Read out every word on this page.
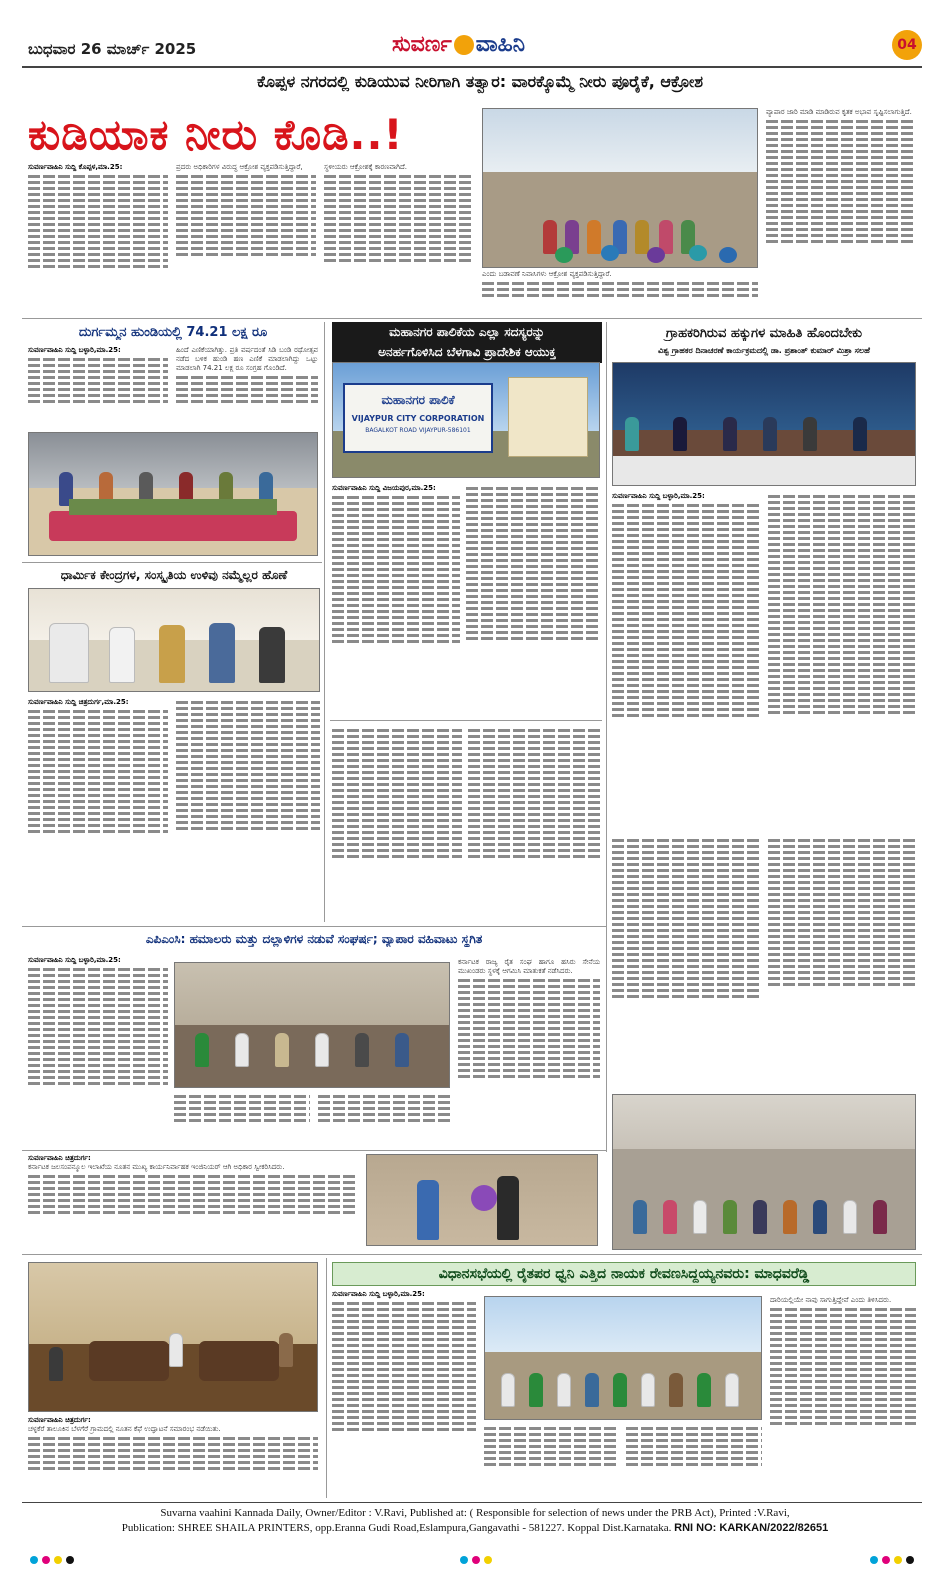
ಬುಧವಾರ 26 ಮಾರ್ಚ್ 2025	ಸುವರ್ಣ ವಾಹಿನಿ	04
ಕೊಪ್ಪಳ ನಗರದಲ್ಲಿ ಕುಡಿಯುವ ನೀರಿಗಾಗಿ ತತ್ವಾರ: ವಾರಕ್ಕೊಮ್ಮೆ ನೀರು ಪೂರೈಕೆ, ಆಕ್ರೋಶ
ಕುಡಿಯಾಕ ನೀರು ಕೊಡಿ..!
ಸುವರ್ಣವಾಹಿನಿ ಸುದ್ದಿ ಕೊಪ್ಪಳ,ಮಾ.25:	ಪ್ರದರು ಅಧಿಕಾರಿಗಳ ವಿರುದ್ಧ ಆಕ್ರೋಶ ವ್ಯಕ್ತಪಡಿಸುತ್ತಿದ್ದಾರೆ,	ಸ್ಥಳೀಯರು ಆಕ್ರೋಶಕ್ಕೆ ಕಾರಣವಾಗಿದೆ.
ಎಂದು ಬಡಾವಣೆ ನಿವಾಸಿಗಳು ಆಕ್ರೋಶ ವ್ಯಕ್ತಪಡಿಸುತ್ತಿದ್ದಾರೆ.
ವ್ಯಾಪಾರ ಜಾರಿ ಮಾಡಿ ಮಾಡಿರುವ ಕೃತಕ ಅಭಾವ ಸೃಷ್ಟಿಸಲಾಗುತ್ತಿದೆ.
ದುರ್ಗಮ್ಮನ ಹುಂಡಿಯಲ್ಲಿ 74.21 ಲಕ್ಷ ರೂ
ಸುವರ್ಣವಾಹಿನಿ ಸುದ್ದಿ ಬಳ್ಳಾರಿ,ಮಾ.25:	ಹಿಂದೆ ಎಣಿಕೆಯಾಗಿತ್ತು. ಪ್ರತಿ ವರ್ಷದಂತೆ ಸಿಡಿ ಬಂಡಿ ರಥೋತ್ಸವ ನಡೆದ ಬಳಿಕ ಹುಂಡಿ ಹಣ ಎಣಿಕೆ ಮಾಡಲಾಗಿದ್ದು ಒಟ್ಟು ಮಾಡಲಾಗಿ 74.21 ಲಕ್ಷ ರೂ ಸಂಗ್ರಹ ಗೊಂಡಿದೆ.
ಧಾರ್ಮಿಕ ಕೇಂದ್ರಗಳ, ಸಂಸ್ಕೃತಿಯ ಉಳಿವು ನಮ್ಮೆಲ್ಲರ ಹೊಣೆ
ಸುವರ್ಣವಾಹಿನಿ ಸುದ್ದಿ ಚಿತ್ರದುರ್ಗ,ಮಾ.25:
ಮಹಾನಗರ ಪಾಲಿಕೆಯ ಎಲ್ಲಾ ಸದಸ್ಯರನ್ನು
ಅನರ್ಹಗೊಳಿಸಿದ ಬೆಳಗಾವಿ ಪ್ರಾದೇಶಿಕ ಆಯುಕ್ತ
ಮಹಾನಗರ ಪಾಲಿಕೆ
VIJAYPUR CITY CORPORATION
BAGALKOT ROAD VIJAYPUR-586101
ಸುವರ್ಣವಾಹಿನಿ ಸುದ್ದಿ ವಿಜಯಪುರ,ಮಾ.25:
ಗ್ರಾಹಕರಿಗಿರುವ ಹಕ್ಕುಗಳ ಮಾಹಿತಿ ಹೊಂದಬೇಕು
ವಿಶ್ವ ಗ್ರಾಹಕರ ದಿನಾಚರಣೆ ಕಾರ್ಯಕ್ರಮದಲ್ಲಿ ಡಾ. ಪ್ರಶಾಂತ್ ಕುಮಾರ್ ಮಿಶ್ರಾ ಸಲಹೆ
ಸುವರ್ಣವಾಹಿನಿ ಸುದ್ದಿ ಬಳ್ಳಾರಿ,ಮಾ.25:
ಎಪಿಎಂಸಿ: ಹಮಾಲರು ಮತ್ತು ದಲ್ಲಾಳಿಗಳ ನಡುವೆ ಸಂಘರ್ಷ; ವ್ಯಾಪಾರ ವಹಿವಾಟು ಸ್ಥಗಿತ
ಸುವರ್ಣವಾಹಿನಿ ಸುದ್ದಿ ಬಳ್ಳಾರಿ,ಮಾ.25:	ಕರ್ನಾಟಕ ರಾಜ್ಯ ರೈತ ಸಂಘ ಹಾಗೂ ಹಸಿರು ಸೇನೆಯ ಮುಖಂಡರು ಸ್ಥಳಕ್ಕೆ ಆಗಮಿಸಿ ಮಾತುಕತೆ ನಡೆಸಿದರು.
ಸುವರ್ಣವಾಹಿನಿ ಚಿತ್ರದುರ್ಗ:
ಕರ್ನಾಟಕ ಜಲಸಂಪನ್ಮೂಲ ಇಲಾಖೆಯ ನೂತನ ಮುಖ್ಯ ಕಾರ್ಯನಿರ್ವಾಹಕ ಇಂಜಿನಿಯರ್ ಆಗಿ ಅಧಿಕಾರ ಸ್ವೀಕರಿಸಿದರು.
ಸುವರ್ಣವಾಹಿನಿ ಚಿತ್ರದುರ್ಗ:
ಚಳ್ಳಕೆರೆ ತಾಲೂಕಿನ ಬೆಳಗೆರೆ ಗ್ರಾಮದಲ್ಲಿ ನೂತನ ಕೆಫೆ ಉದ್ಘಾಟನೆ ಸಮಾರಂಭ ನಡೆಯಿತು.
ವಿಧಾನಸಭೆಯಲ್ಲಿ ರೈತಪರ ಧ್ವನಿ ಎತ್ತಿದ ನಾಯಕ ರೇವಣಸಿದ್ದಯ್ಯನವರು: ಮಾಧವರೆಡ್ಡಿ
ಸುವರ್ಣವಾಹಿನಿ ಸುದ್ದಿ ಬಳ್ಳಾರಿ,ಮಾ.25:
ದಾರಿಯಲ್ಲಿಯೇ ನಾವು ಸಾಗುತ್ತಿದ್ದೇವೆ ಎಂದು ತಿಳಿಸಿದರು.
Suvarna vaahini Kannada Daily, Owner/Editor : V.Ravi, Published at: ( Responsible for selection of news under the PRB Act), Printed :V.Ravi,
Publication: SHREE SHAILA PRINTERS, opp.Eranna Gudi Road,Eslampura,Gangavathi - 581227. Koppal Dist.Karnataka. RNI NO: KARKAN/2022/82651
